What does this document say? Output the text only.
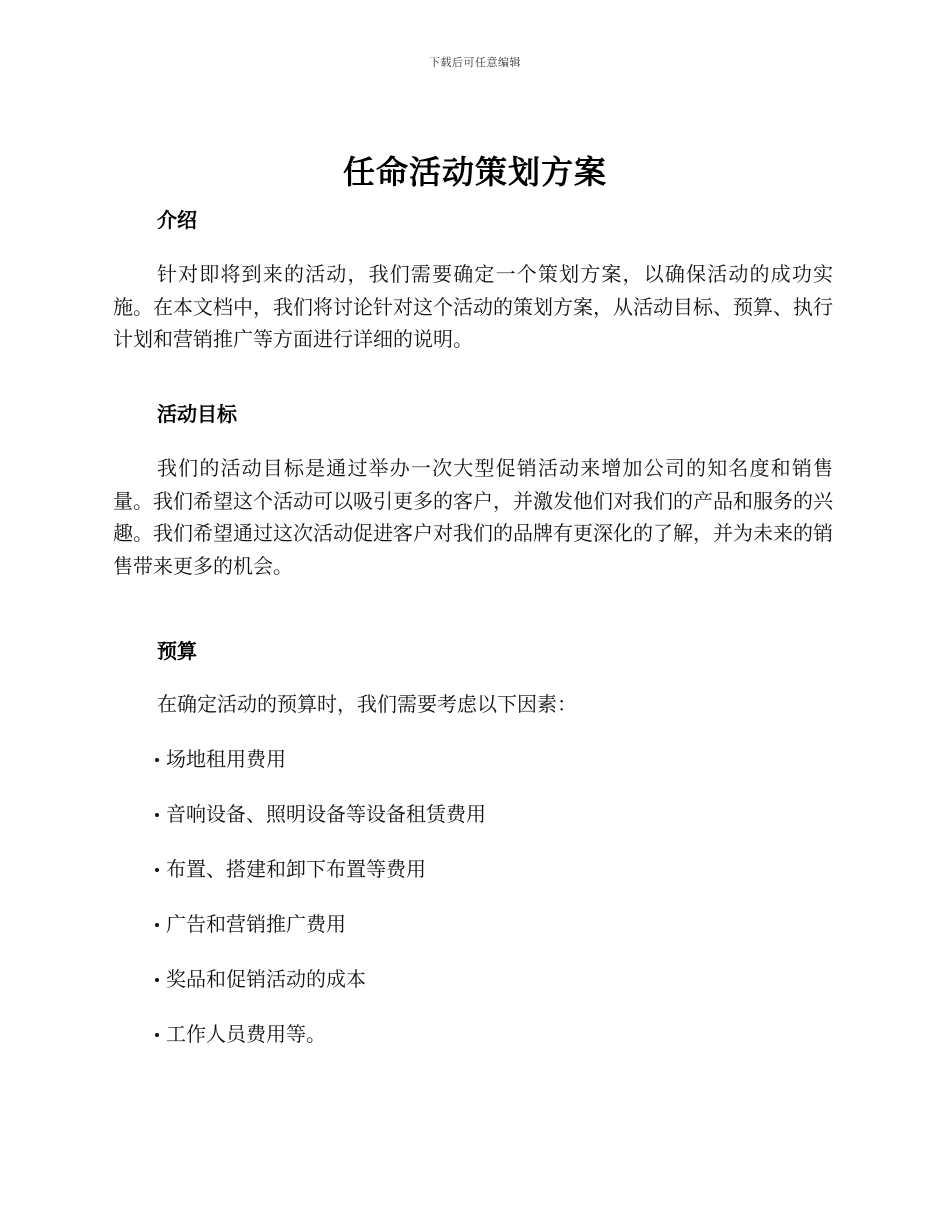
下载后可任意编辑
任命活动策划方案
介绍

针对即将到来的活动，我们需要确定一个策划方案，以确保活动的成功实施。在本文档中，我们将讨论针对这个活动的策划方案，从活动目标、预算、执行计划和营销推广等方面进行详细的说明。

活动目标

我们的活动目标是通过举办一次大型促销活动来增加公司的知名度和销售量。我们希望这个活动可以吸引更多的客户，并激发他们对我们的产品和服务的兴趣。我们希望通过这次活动促进客户对我们的品牌有更深化的了解，并为未来的销售带来更多的机会。

预算

在确定活动的预算时，我们需要考虑以下因素：

场地租用费用
音响设备、照明设备等设备租赁费用
布置、搭建和卸下布置等费用
广告和营销推广费用
奖品和促销活动的成本
工作人员费用等。
